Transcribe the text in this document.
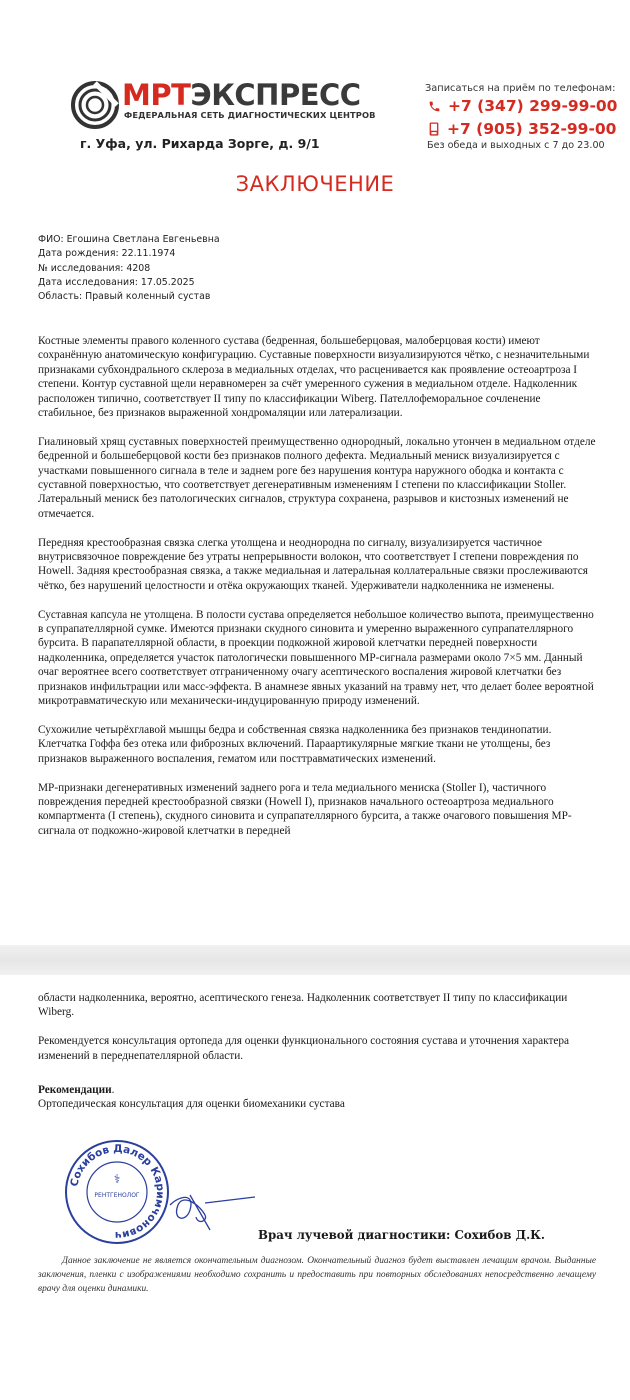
МРТЭКСПРЕСС
ФЕДЕРАЛЬНАЯ СЕТЬ ДИАГНОСТИЧЕСКИХ ЦЕНТРОВ
г. Уфа, ул. Рихарда Зорге, д. 9/1
Записаться на приём по телефонам:
+7 (347) 299-99-00
+7 (905) 352-99-00
Без обеда и выходных с 7 до 23.00
ЗАКЛЮЧЕНИЕ
ФИО: Егошина Светлана Евгеньевна
Дата рождения: 22.11.1974
№ исследования: 4208
Дата исследования: 17.05.2025
Область: Правый коленный сустав

Костные элементы правого коленного сустава (бедренная, большеберцовая, малоберцовая кости) имеют сохранённую анатомическую конфигурацию. Суставные поверхности визуализируются чётко, с незначительными признаками субхондрального склероза в медиальных отделах, что расценивается как проявление остеоартроза I степени. Контур суставной щели неравномерен за счёт умеренного сужения в медиальном отделе. Надколенник расположен типично, соответствует II типу по классификации Wiberg. Пателлофеморальное сочленение стабильное, без признаков выраженной хондромаляции или латерализации.

Гиалиновый хрящ суставных поверхностей преимущественно однородный, локально утончен в медиальном отделе бедренной и большеберцовой кости без признаков полного дефекта. Медиальный мениск визуализируется с участками повышенного сигнала в теле и заднем роге без нарушения контура наружного ободка и контакта с суставной поверхностью, что соответствует дегенеративным изменениям I степени по классификации Stoller. Латеральный мениск без патологических сигналов, структура сохранена, разрывов и кистозных изменений не отмечается.

Передняя крестообразная связка слегка утолщена и неоднородна по сигналу, визуализируется частичное внутрисвязочное повреждение без утраты непрерывности волокон, что соответствует I степени повреждения по Howell. Задняя крестообразная связка, а также медиальная и латеральная коллатеральные связки прослеживаются чётко, без нарушений целостности и отёка окружающих тканей. Удерживатели надколенника не изменены.

Суставная капсула не утолщена. В полости сустава определяется небольшое количество выпота, преимущественно в супрапателлярной сумке. Имеются признаки скудного синовита и умеренно выраженного супрапателлярного бурсита. В парапателлярной области, в проекции подкожной жировой клетчатки передней поверхности надколенника, определяется участок патологически повышенного МР-сигнала размерами около 7×5 мм. Данный очаг вероятнее всего соответствует отграниченному очагу асептического воспаления жировой клетчатки без признаков инфильтрации или масс-эффекта. В анамнезе явных указаний на травму нет, что делает более вероятной микротравматическую или механически-индуцированную природу изменений.

Сухожилие четырёхглавой мышцы бедра и собственная связка надколенника без признаков тендинопатии. Клетчатка Гоффа без отека или фиброзных включений. Параартикулярные мягкие ткани не утолщены, без признаков выраженного воспаления, гематом или посттравматических изменений.

МР-признаки дегенеративных изменений заднего рога и тела медиального мениска (Stoller I), частичного повреждения передней крестообразной связки (Howell I), признаков начального остеоартроза медиального компартмента (I степень), скудного синовита и супрапателлярного бурсита, а также очагового повышения МР-сигнала от подкожно-жировой клетчатки в передней

области надколенника, вероятно, асептического генеза. Надколенник соответствует II типу по классификации Wiberg.

Рекомендуется консультация ортопеда для оценки функционального состояния сустава и уточнения характера изменений в переднепателлярной области.

Рекомендации.
Ортопедическая консультация для оценки биомеханики сустава
Сохибов Далер Каримчонович
РЕНТГЕНОЛОГ
⚕
Врач лучевой диагностики: Сохибов Д.К.
Данное заключение не является окончательным диагнозом. Окончательный диагноз будет выставлен лечащим врачом. Выданные заключения, пленки с изображениями необходимо сохранить и предоставить при повторных обследованиях непосредственно лечащему врачу для оценки динамики.
